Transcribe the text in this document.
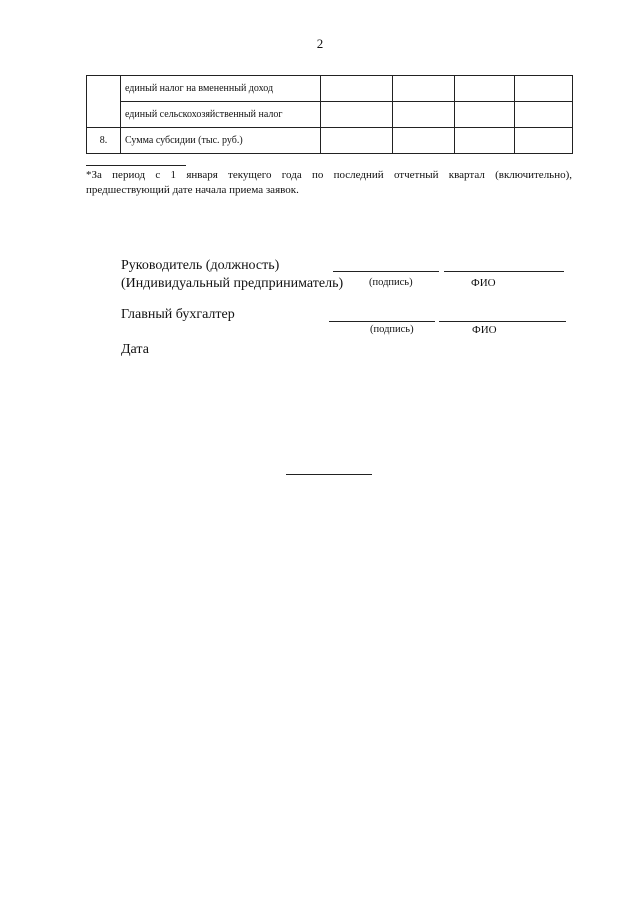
2
	единый налог на вмененный доход				
	единый сельскохозяйственный налог				
8.	Сумма субсидии (тыс. руб.)				
*За период с 1 января текущего года по последний отчетный квартал (включительно), предшествующий дате начала приема заявок.
Руководитель (должность)
(Индивидуальный предприниматель) (подпись)	ФИО
Главный бухгалтер
(подпись)	ФИО
Дата
